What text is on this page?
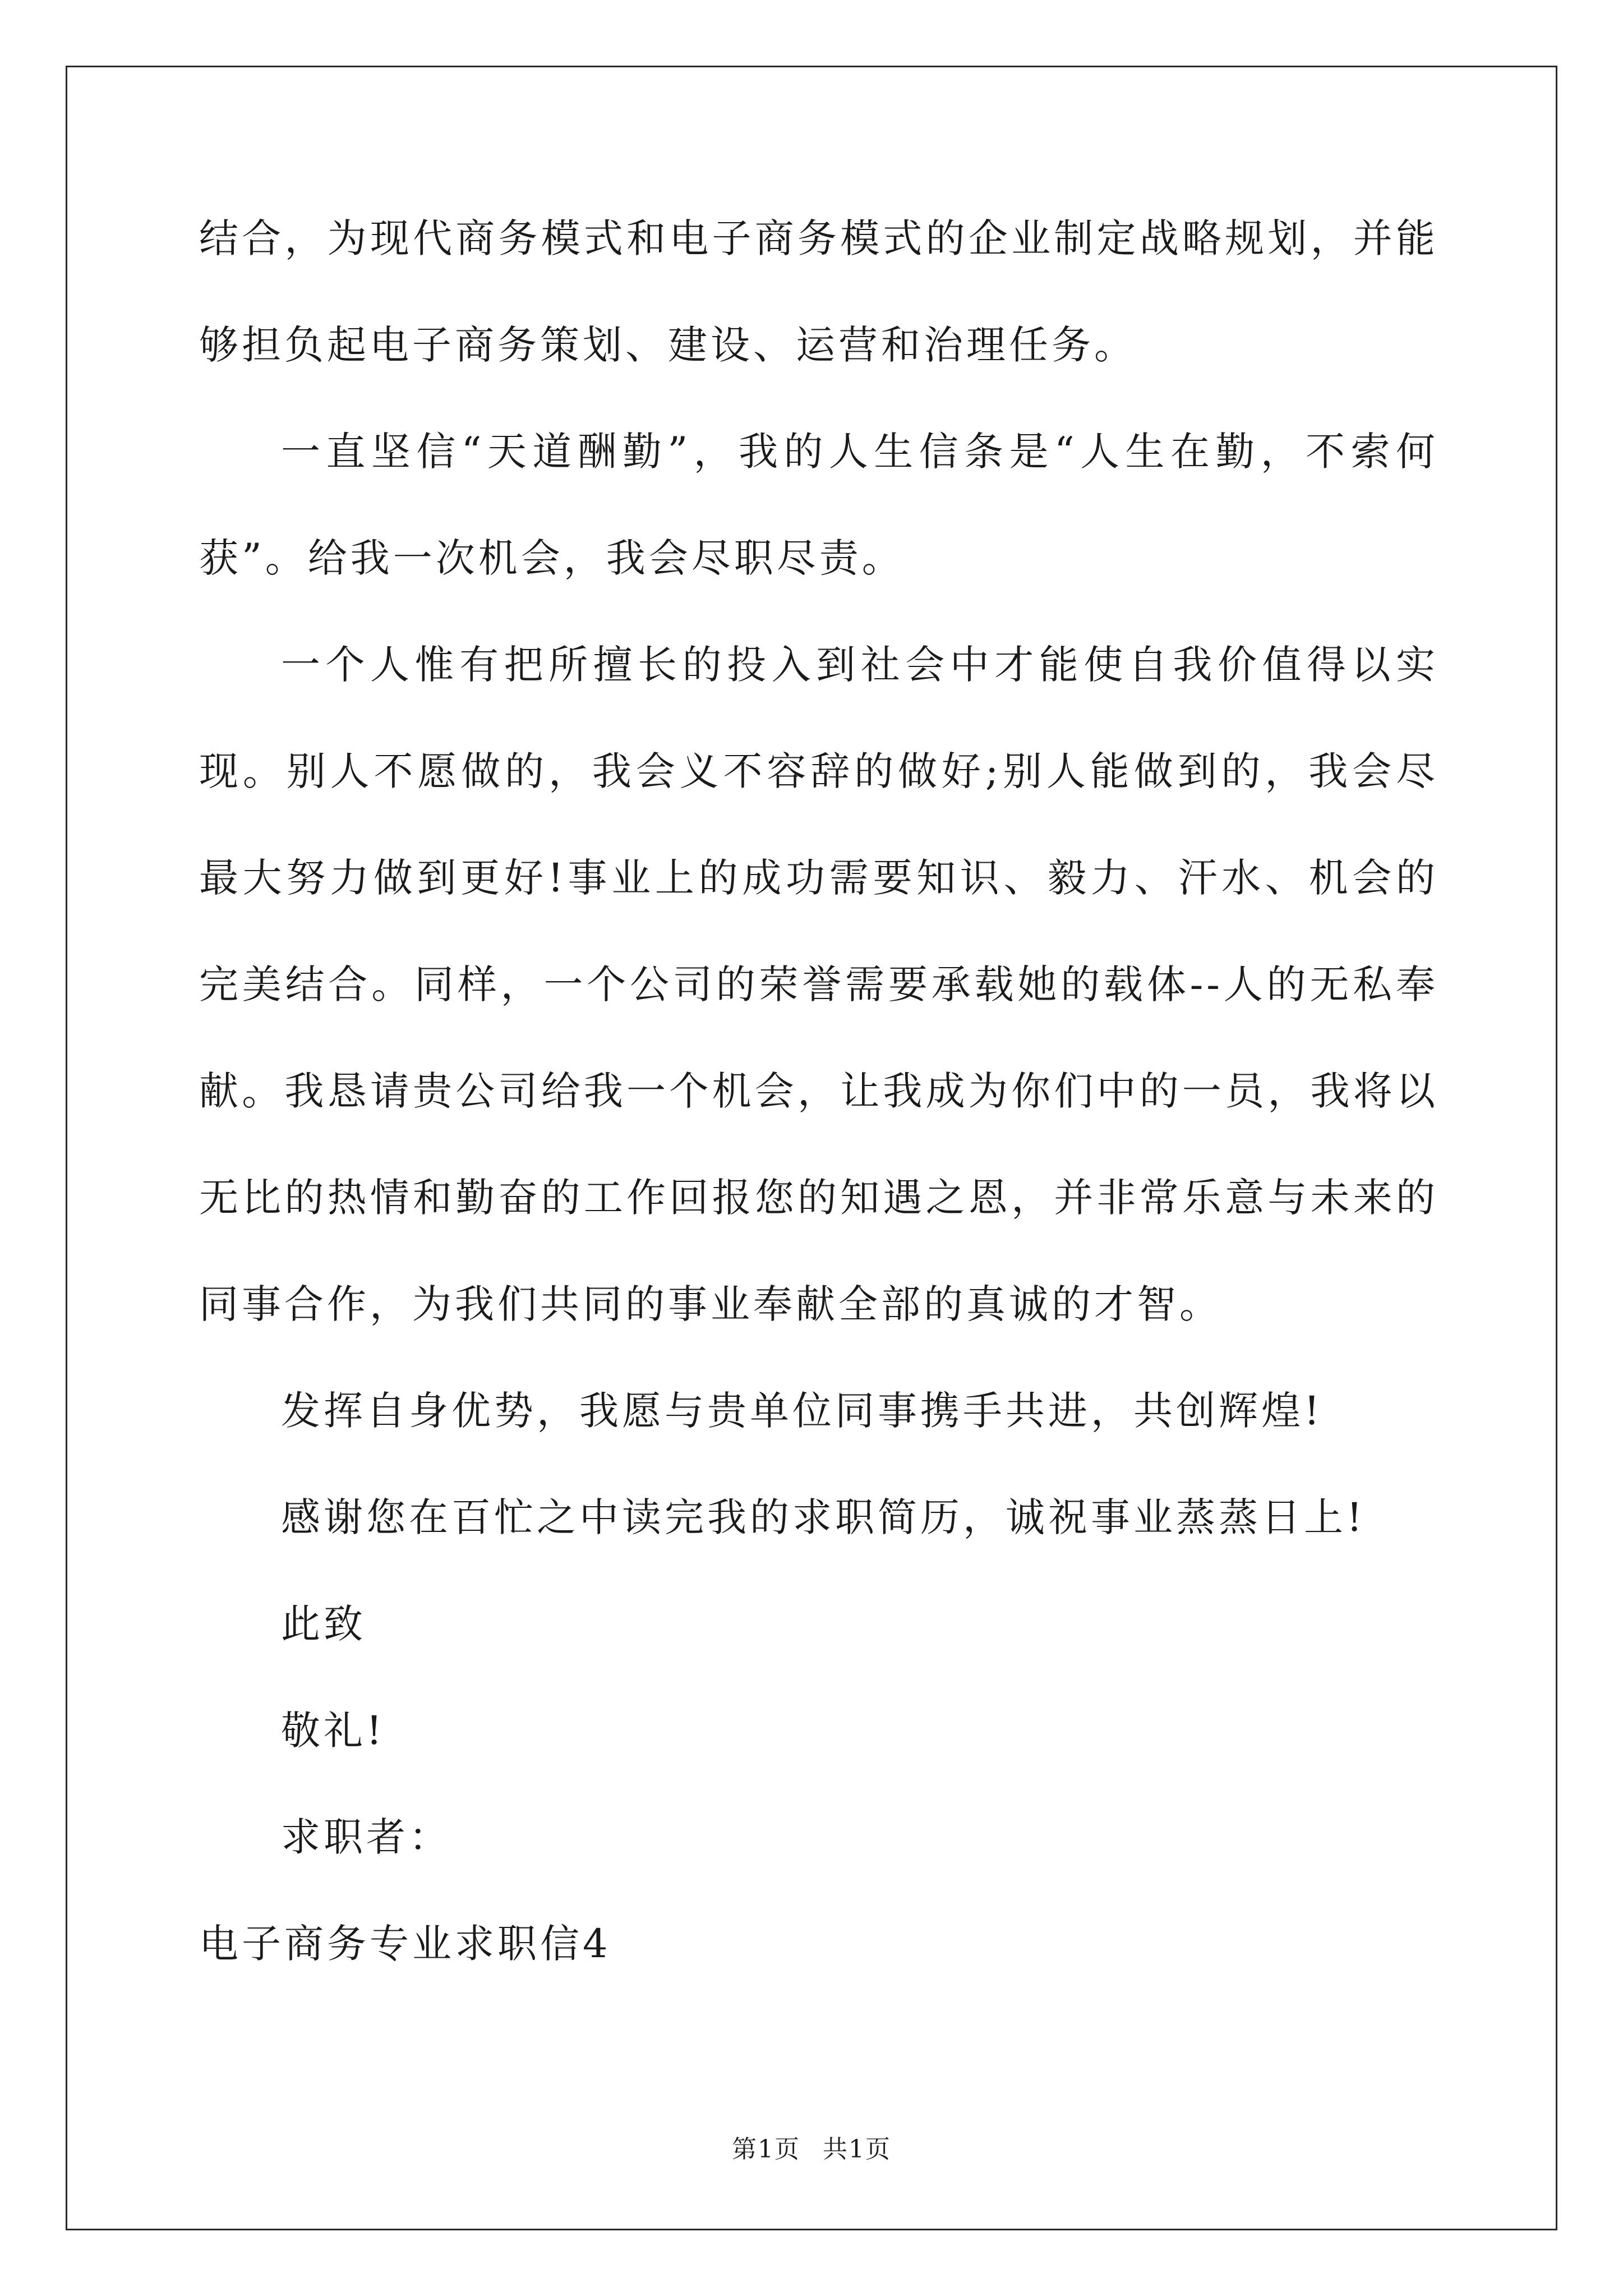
结合，为现代商务模式和电子商务模式的企业制定战略规划，并能够担负起电子商务策划、建设、运营和治理任务。

一直坚信“天道酬勤”，我的人生信条是“人生在勤，不索何获”。给我一次机会，我会尽职尽责。

一个人惟有把所擅长的投入到社会中才能使自我价值得以实现。别人不愿做的，我会义不容辞的做好;别人能做到的，我会尽最大努力做到更好!事业上的成功需要知识、毅力、汗水、机会的完美结合。同样，一个公司的荣誉需要承载她的载体--人的无私奉献。我恳请贵公司给我一个机会，让我成为你们中的一员，我将以无比的热情和勤奋的工作回报您的知遇之恩，并非常乐意与未来的同事合作，为我们共同的事业奉献全部的真诚的才智。

发挥自身优势，我愿与贵单位同事携手共进，共创辉煌!

感谢您在百忙之中读完我的求职简历，诚祝事业蒸蒸日上!

此致

敬礼!

求职者：

电子商务专业求职信4

第1页 共1页
